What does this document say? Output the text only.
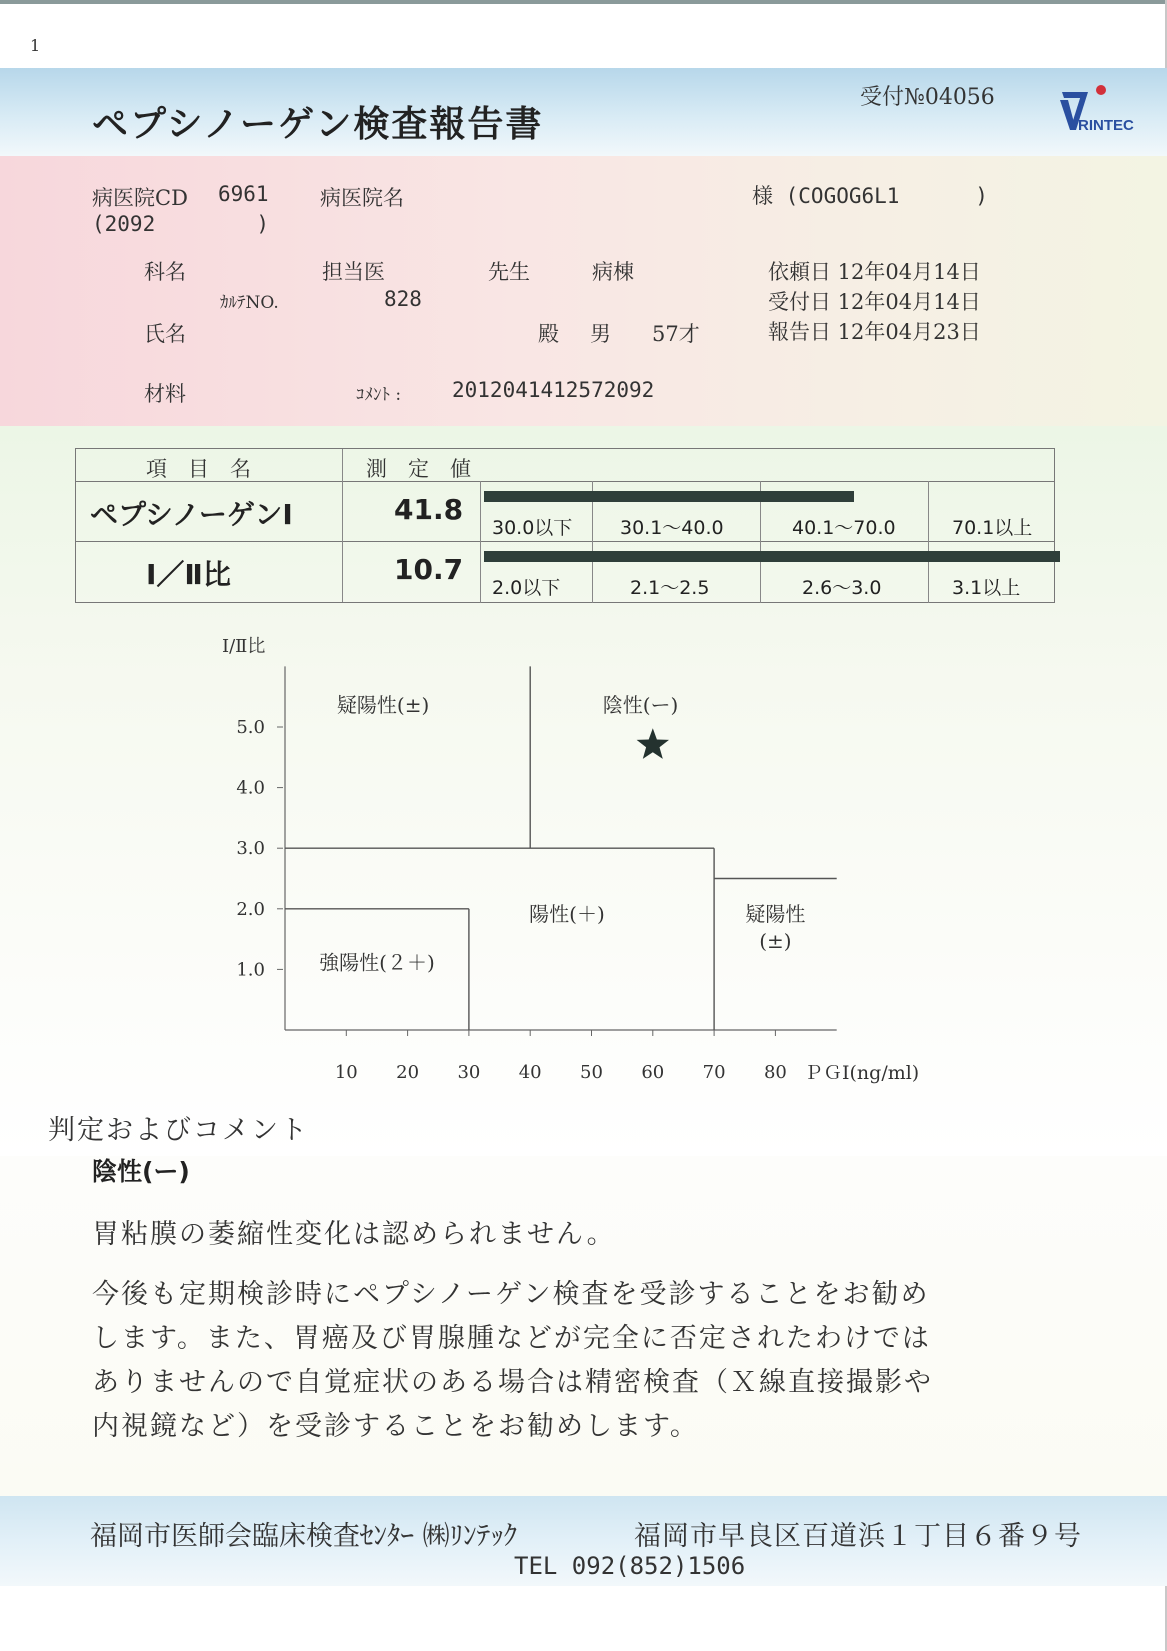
1
ペプシノーゲン検査報告書
受付№04056
RINTEC
病医院CD 6961 病医院名	様 (COGOG6L1      )
(2092        )
科名	担当医	先生	病棟	依頼日 12年04月14日
ｶﾙﾃNO.	828	受付日 12年04月14日
氏名	殿 男 57才	報告日 12年04月23日
材料	ｺﾒﾝﾄ : 2012041412572092
項　目　名	測　定　値
ペプシノーゲンⅠ	41.8
30.0以下	30.1～40.0	40.1～70.0	70.1以上
Ⅰ／Ⅱ比	10.7
2.0以下	2.1～2.5	2.6～3.0	3.1以上
Ⅰ/Ⅱ比
ＰＧⅠ(ng/ml)
1.0
2.0
3.0
4.0
5.0
10 20 30 40 50 60 70 80
疑陽性(±)	陰性(ー)
陽性(＋)	疑陽性
(±)
強陽性(２＋)
判定およびコメント
陰性(ー)
胃粘膜の萎縮性変化は認められません。
今後も定期検診時にペプシノーゲン検査を受診することをお勧め
します。また、胃癌及び胃腺腫などが完全に否定されたわけでは
ありませんので自覚症状のある場合は精密検査（Ｘ線直接撮影や
内視鏡など）を受診することをお勧めします。
福岡市医師会臨床検査ｾﾝﾀｰ ㈱ﾘﾝﾃｯｸ	福岡市早良区百道浜１丁目６番９号
TEL 092(852)1506
